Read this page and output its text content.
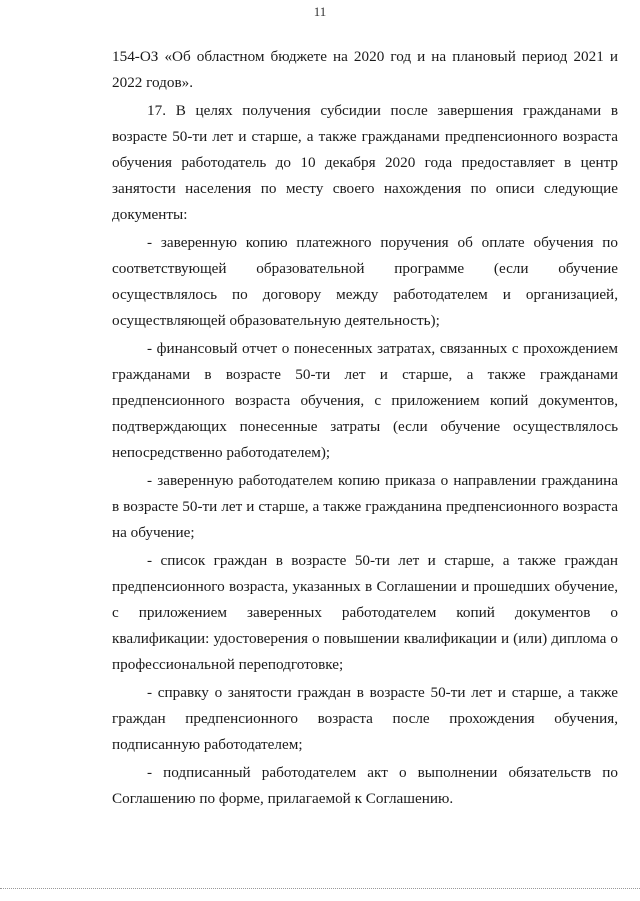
11

154-ОЗ «Об областном бюджете на 2020 год и на плановый период 2021 и 2022 годов».

17. В целях получения субсидии после завершения гражданами в возрасте 50-ти лет и старше, а также гражданами предпенсионного возраста обучения работодатель до 10 декабря 2020 года предоставляет в центр занятости населения по месту своего нахождения по описи следующие документы:

- заверенную копию платежного поручения об оплате обучения по соответствующей образовательной программе (если обучение осуществлялось по договору между работодателем и организацией, осуществляющей образовательную деятельность);

- финансовый отчет о понесенных затратах, связанных с прохождением гражданами в возрасте 50-ти лет и старше, а также гражданами предпенсионного возраста обучения, с приложением копий документов, подтверждающих понесенные затраты (если обучение осуществлялось непосредственно работодателем);

- заверенную работодателем копию приказа о направлении гражданина в возрасте 50-ти лет и старше, а также гражданина предпенсионного возраста на обучение;

- список граждан в возрасте 50-ти лет и старше, а также граждан предпенсионного возраста, указанных в Соглашении и прошедших обучение, с приложением заверенных работодателем копий документов о квалификации: удостоверения о повышении квалификации и (или) диплома о профессиональной переподготовке;

- справку о занятости граждан в возрасте 50-ти лет и старше, а также граждан предпенсионного возраста после прохождения обучения, подписанную работодателем;

- подписанный работодателем акт о выполнении обязательств по Соглашению по форме, прилагаемой к Соглашению.
